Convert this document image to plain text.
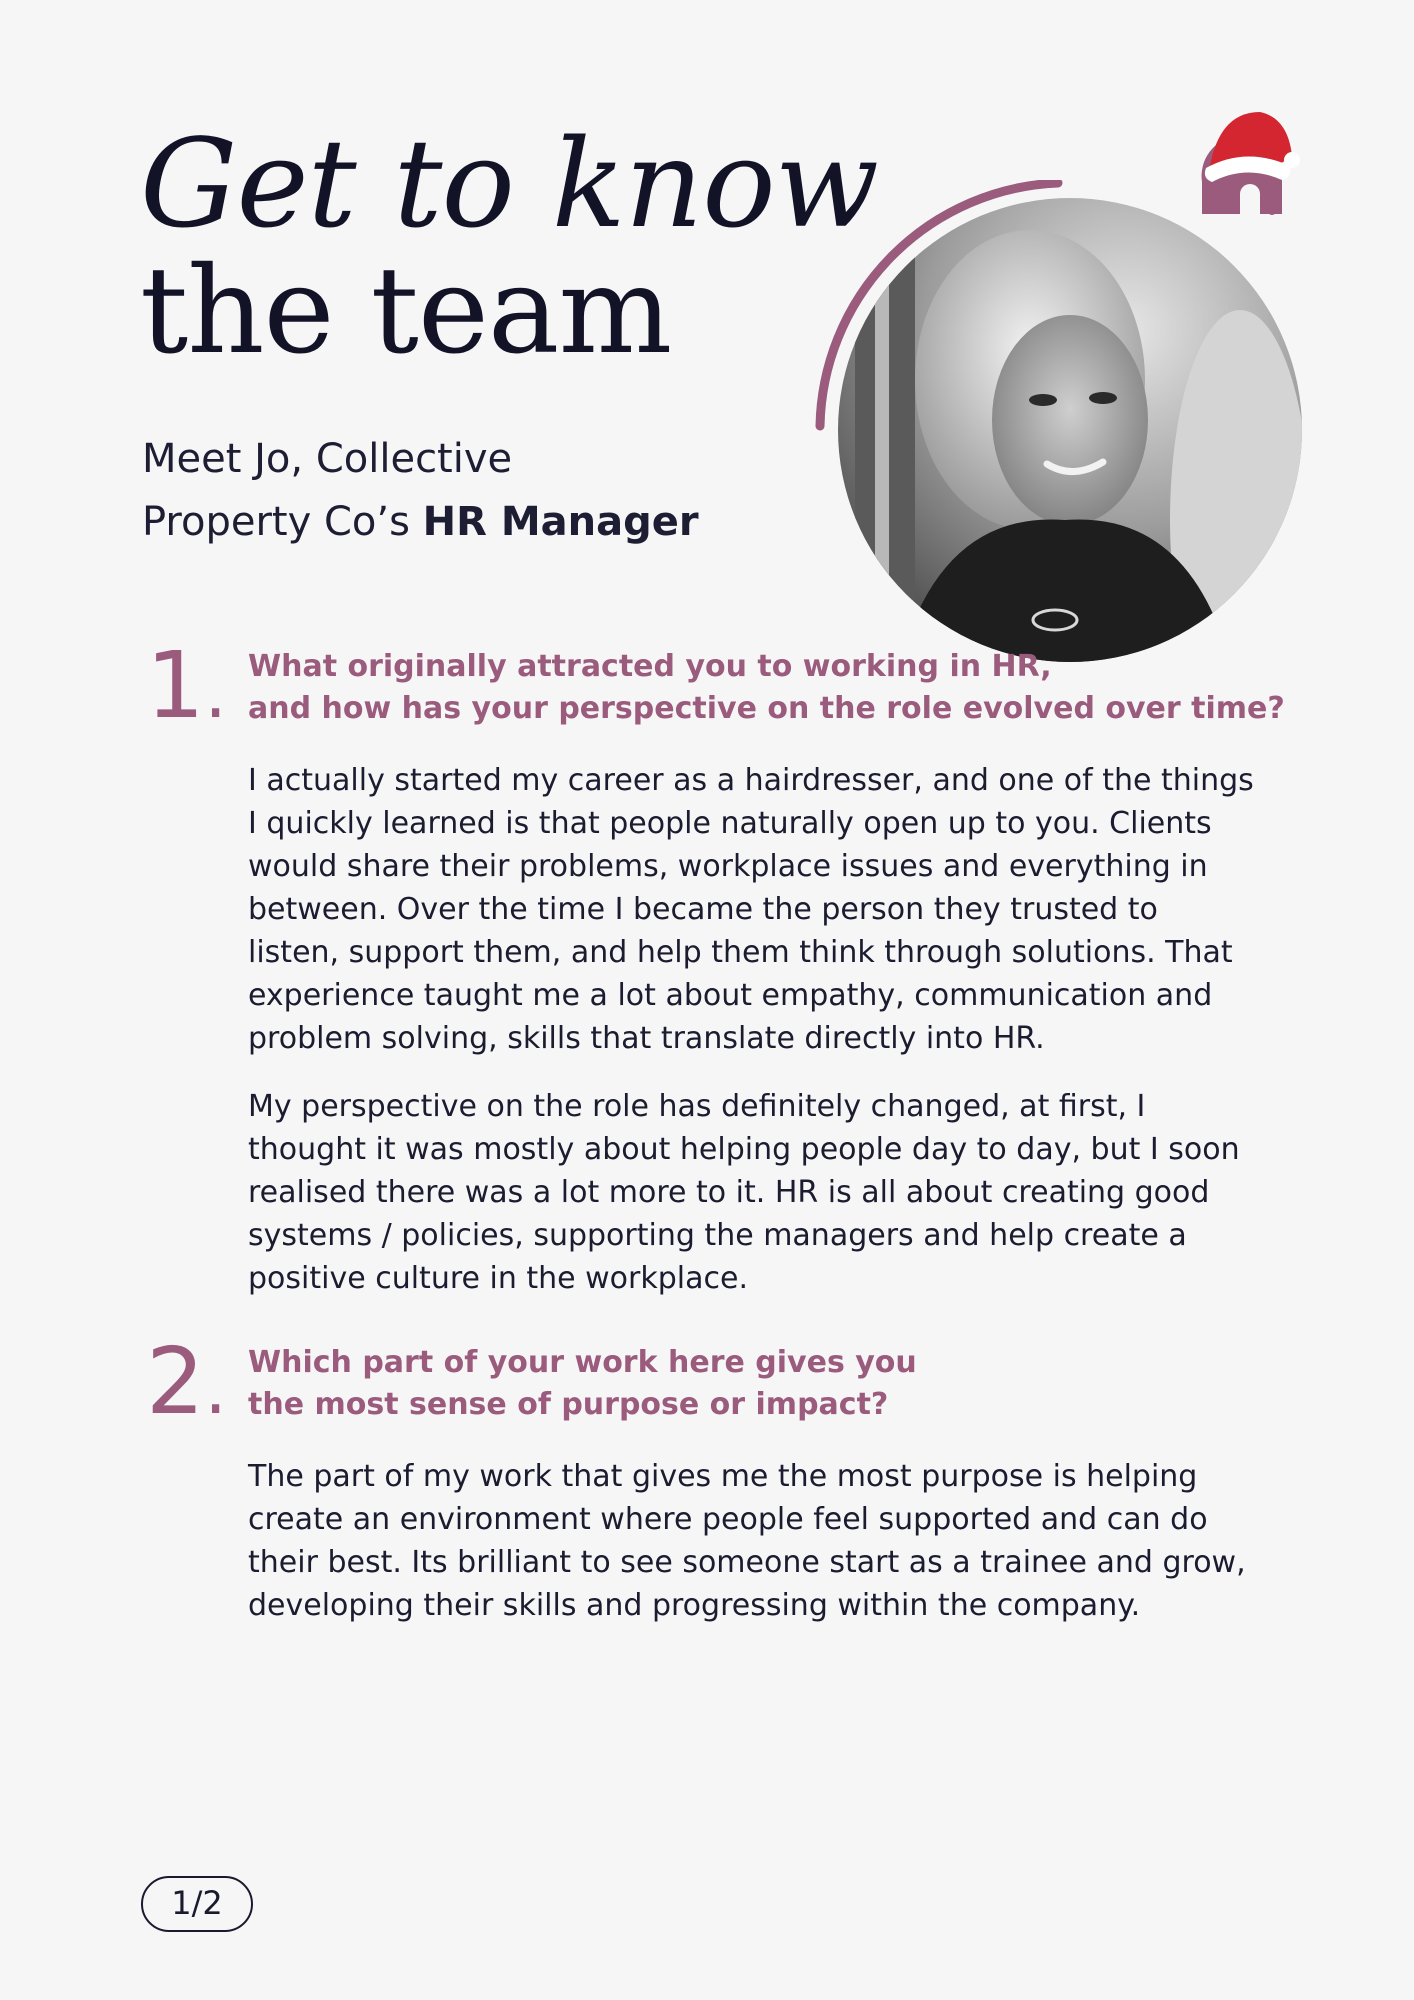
Get to know
the team
Meet Jo, Collective
Property Co’s HR Manager
1. What originally attracted you to working in HR,
and how has your perspective on the role evolved over time?

I actually started my career as a hairdresser, and one of the things I quickly learned is that people naturally open up to you. Clients would share their problems, workplace issues and everything in between. Over the time I became the person they trusted to listen, support them, and help them think through solutions. That experience taught me a lot about empathy, communication and problem solving, skills that translate directly into HR.

My perspective on the role has definitely changed, at first, I thought it was mostly about helping people day to day, but I soon realised there was a lot more to it. HR is all about creating good systems / policies, supporting the managers and help create a positive culture in the workplace.

2. Which part of your work here gives you
the most sense of purpose or impact?

The part of my work that gives me the most purpose is helping create an environment where people feel supported and can do their best. Its brilliant to see someone start as a trainee and grow, developing their skills and progressing within the company.

1/2
